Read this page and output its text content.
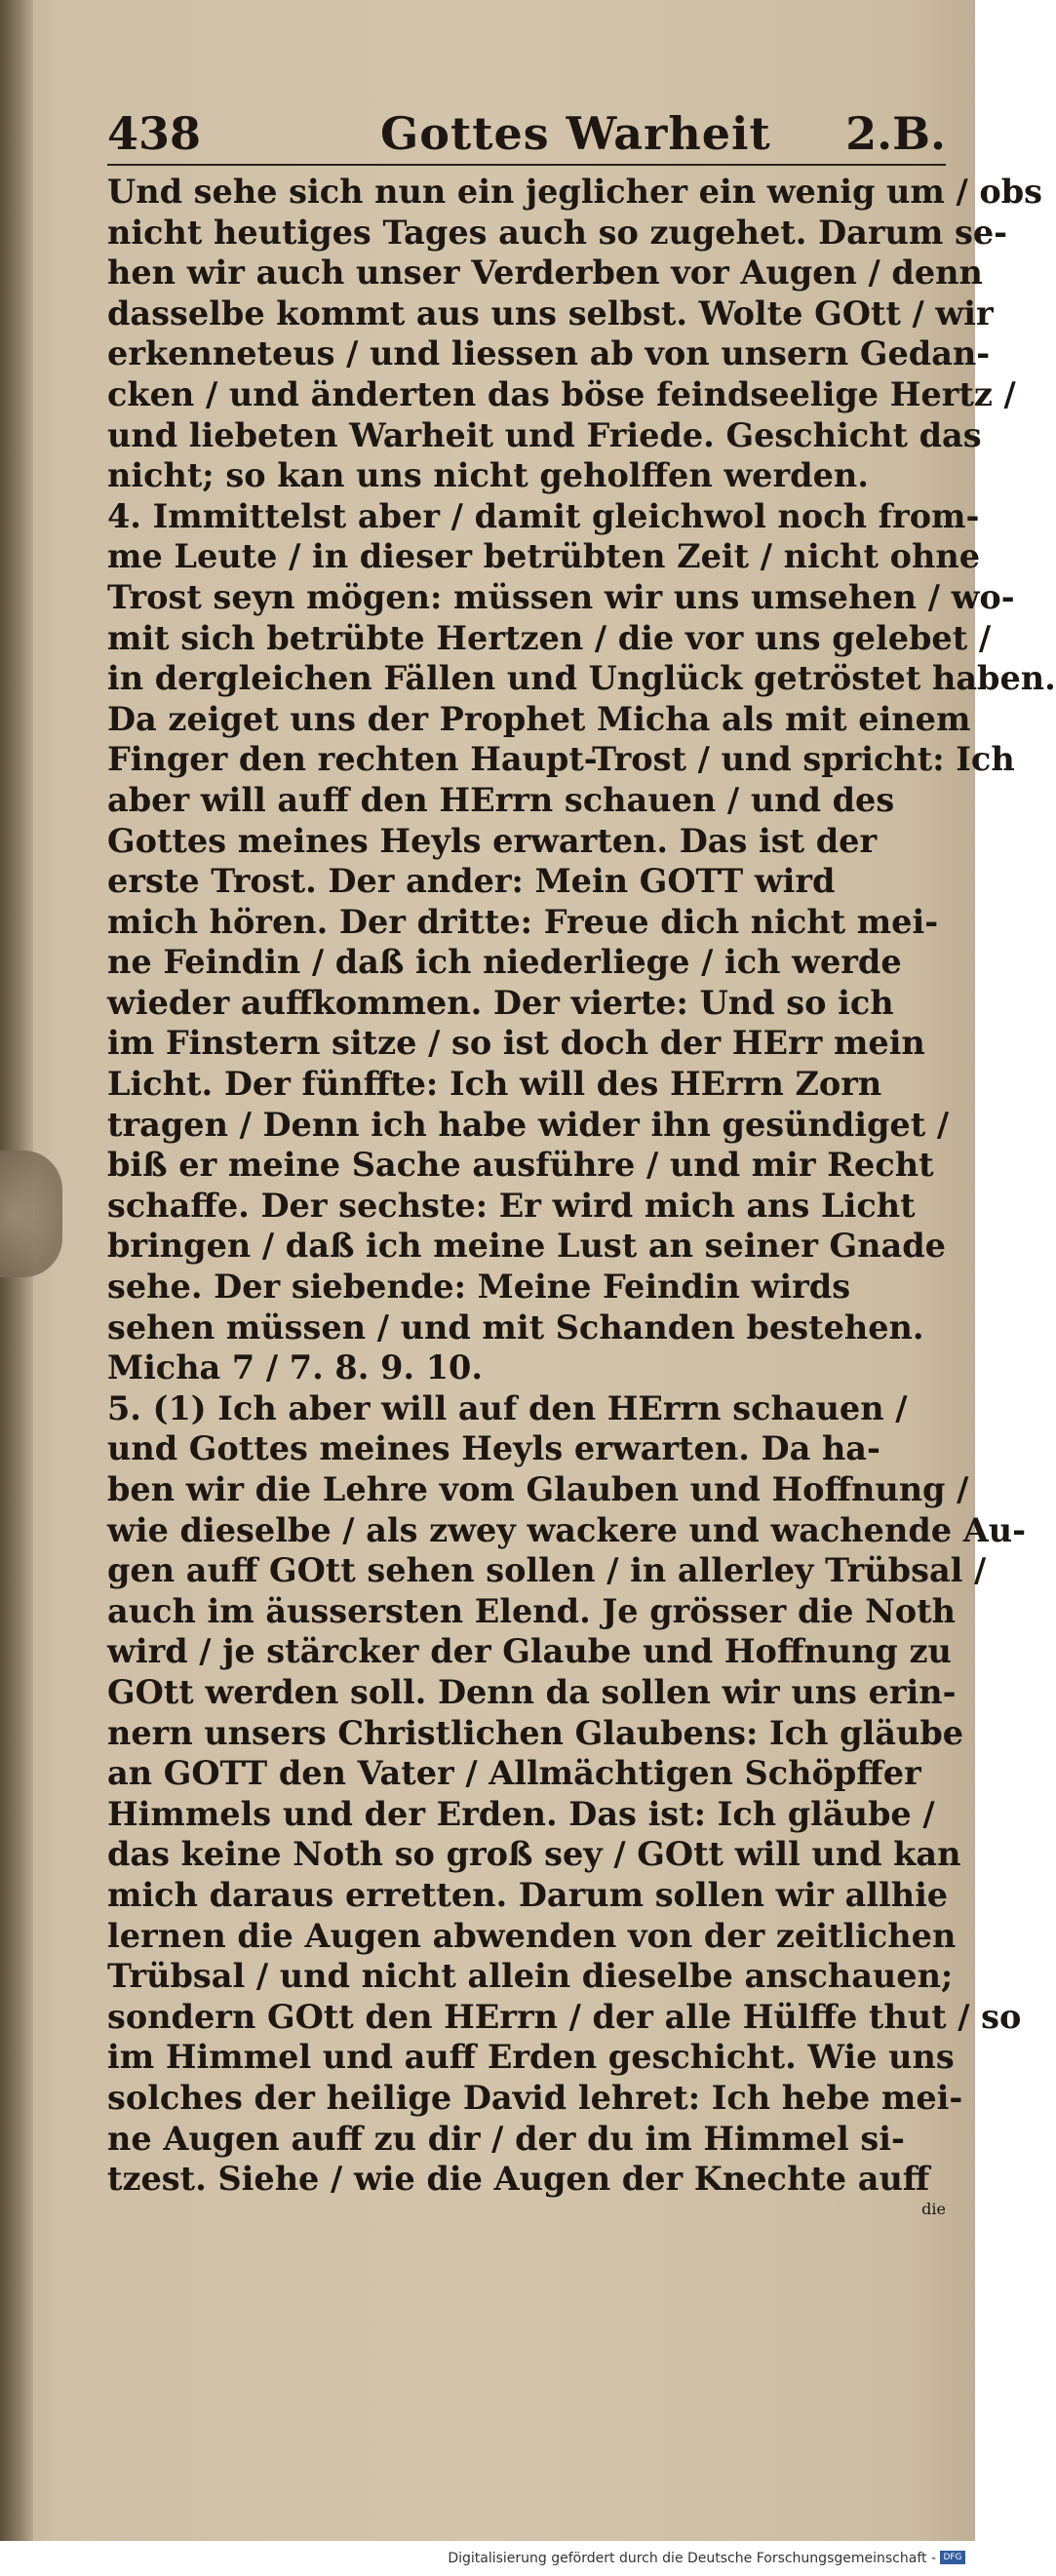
438	Gottes Warheit 2.B.
Und sehe sich nun ein jeglicher ein wenig um / obs
nicht heutiges Tages auch so zugehet. Darum se-
hen wir auch unser Verderben vor Augen / denn
dasselbe kommt aus uns selbst. Wolte GOtt / wir
erkenneteus / und liessen ab von unsern Gedan-
cken / und änderten das böse feindseelige Hertz /
und liebeten Warheit und Friede. Geschicht das
nicht; so kan uns nicht geholffen werden.
4. Immittelst aber / damit gleichwol noch from-
me Leute / in dieser betrübten Zeit / nicht ohne
Trost seyn mögen: müssen wir uns umsehen / wo-
mit sich betrübte Hertzen / die vor uns gelebet /
in dergleichen Fällen und Unglück getröstet haben.
Da zeiget uns der Prophet Micha als mit einem
Finger den rechten Haupt-Trost / und spricht: Ich
aber will auff den HErrn schauen / und des
Gottes meines Heyls erwarten. Das ist der
erste Trost. Der ander: Mein GOTT wird
mich hören. Der dritte: Freue dich nicht mei-
ne Feindin / daß ich niederliege / ich werde
wieder auffkommen. Der vierte: Und so ich
im Finstern sitze / so ist doch der HErr mein
Licht. Der fünffte: Ich will des HErrn Zorn
tragen / Denn ich habe wider ihn gesündiget /
biß er meine Sache ausführe / und mir Recht
schaffe. Der sechste: Er wird mich ans Licht
bringen / daß ich meine Lust an seiner Gnade
sehe. Der siebende: Meine Feindin wirds
sehen müssen / und mit Schanden bestehen.
Micha 7 / 7. 8. 9. 10.
5. (1) Ich aber will auf den HErrn schauen /
und Gottes meines Heyls erwarten. Da ha-
ben wir die Lehre vom Glauben und Hoffnung /
wie dieselbe / als zwey wackere und wachende Au-
gen auff GOtt sehen sollen / in allerley Trübsal /
auch im äussersten Elend. Je grösser die Noth
wird / je stärcker der Glaube und Hoffnung zu
GOtt werden soll. Denn da sollen wir uns erin-
nern unsers Christlichen Glaubens: Ich gläube
an GOTT den Vater / Allmächtigen Schöpffer
Himmels und der Erden. Das ist: Ich gläube /
das keine Noth so groß sey / GOtt will und kan
mich daraus erretten. Darum sollen wir allhie
lernen die Augen abwenden von der zeitlichen
Trübsal / und nicht allein dieselbe anschauen;
sondern GOtt den HErrn / der alle Hülffe thut / so
im Himmel und auff Erden geschicht. Wie uns
solches der heilige David lehret: Ich hebe mei-
ne Augen auff zu dir / der du im Himmel si-
tzest. Siehe / wie die Augen der Knechte auff
die
Digitalisierung gefördert durch die Deutsche Forschungsgemeinschaft - DFG
